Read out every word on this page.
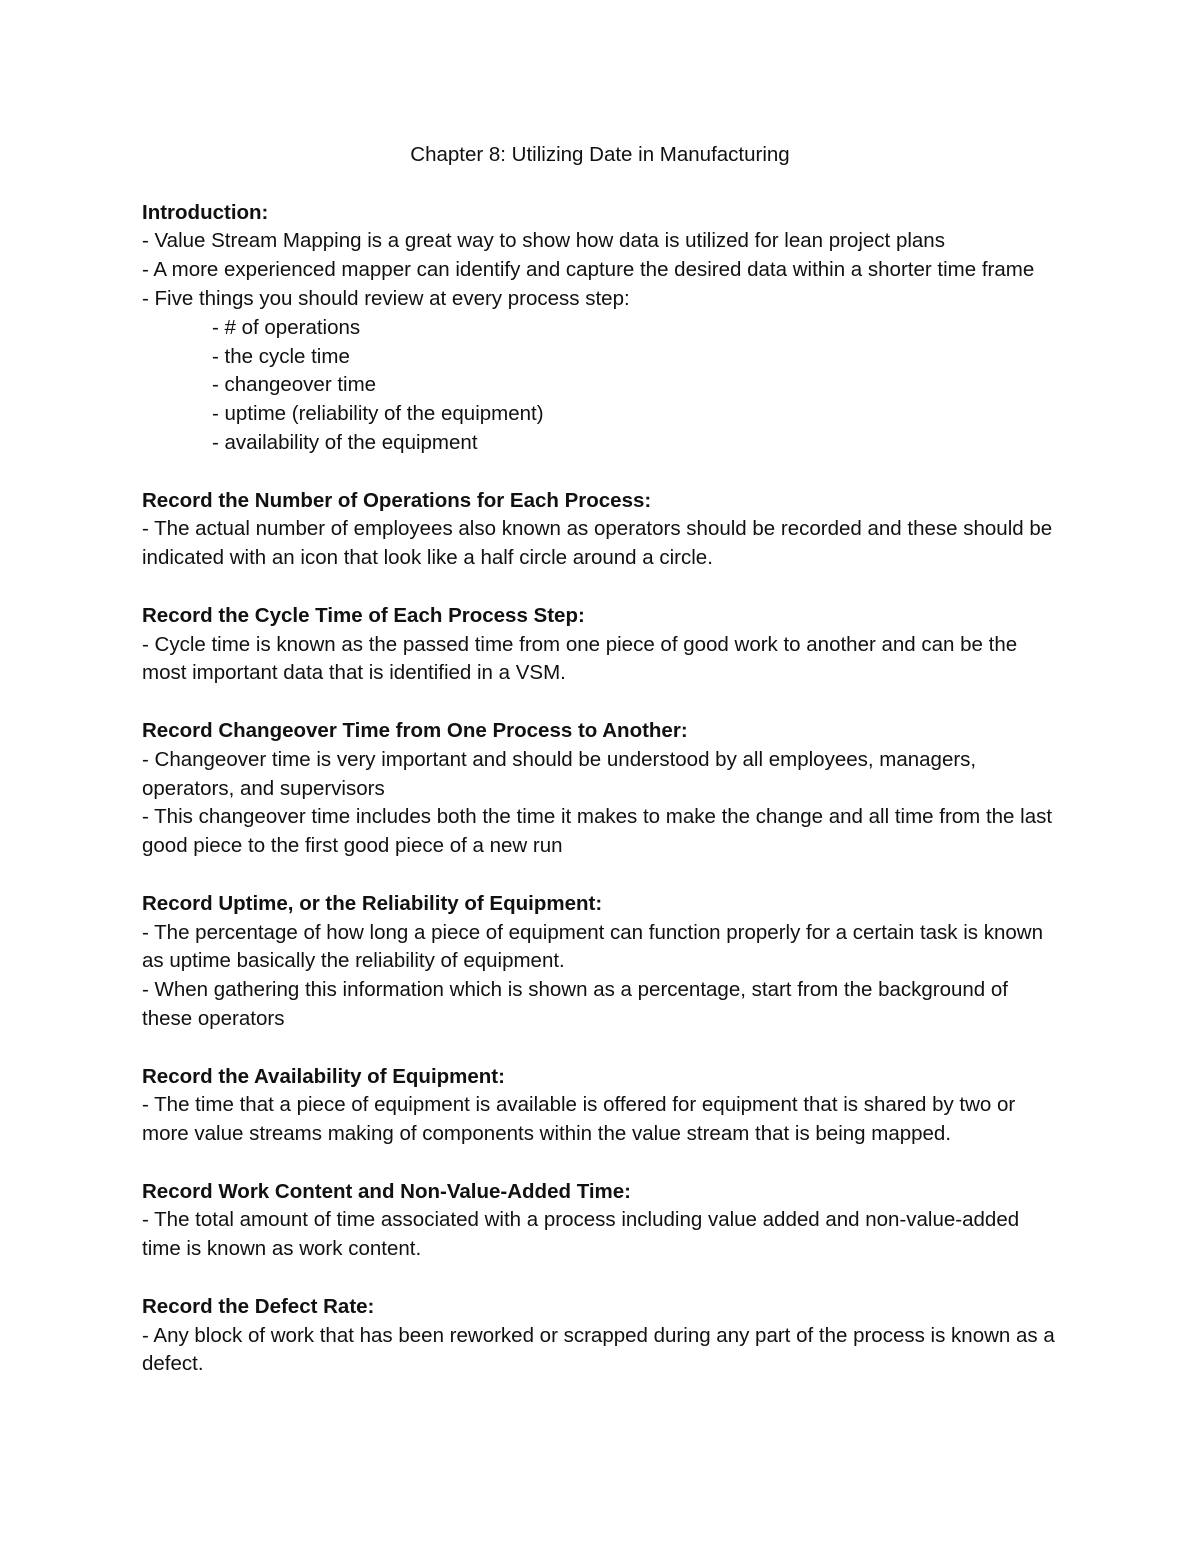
Chapter 8: Utilizing Date in Manufacturing

Introduction:

- Value Stream Mapping is a great way to show how data is utilized for lean project plans

- A more experienced mapper can identify and capture the desired data within a shorter time frame

- Five things you should review at every process step:

- # of operations

- the cycle time

- changeover time

- uptime (reliability of the equipment)

- availability of the equipment

Record the Number of Operations for Each Process:

- The actual number of employees also known as operators should be recorded and these should be indicated with an icon that look like a half circle around a circle.

Record the Cycle Time of Each Process Step:

- Cycle time is known as the passed time from one piece of good work to another and can be the most important data that is identified in a VSM.

Record Changeover Time from One Process to Another:

- Changeover time is very important and should be understood by all employees, managers, operators, and supervisors

- This changeover time includes both the time it makes to make the change and all time from the last good piece to the first good piece of a new run

Record Uptime, or the Reliability of Equipment:

- The percentage of how long a piece of equipment can function properly for a certain task is known as uptime basically the reliability of equipment.

- When gathering this information which is shown as a percentage, start from the background of these operators

Record the Availability of Equipment:

- The time that a piece of equipment is available is offered for equipment that is shared by two or more value streams making of components within the value stream that is being mapped.

Record Work Content and Non-Value-Added Time:

- The total amount of time associated with a process including value added and non-value-added time is known as work content.

Record the Defect Rate:

- Any block of work that has been reworked or scrapped during any part of the process is known as a defect.
